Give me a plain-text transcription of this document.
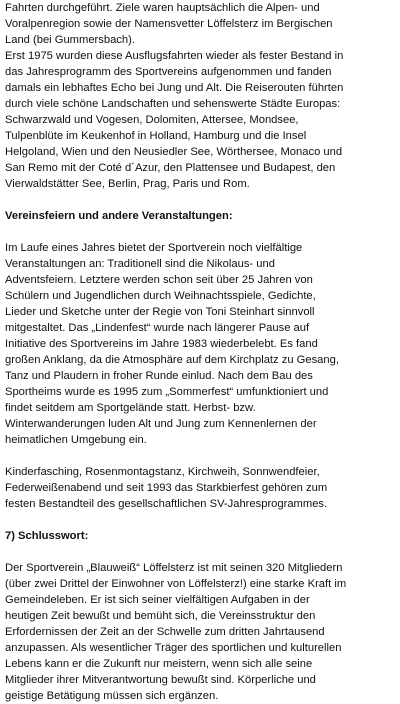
Fahrten durchgeführt. Ziele waren hauptsächlich die Alpen- und
Voralpenregion sowie der Namensvetter Löffelsterz im Bergischen
Land (bei Gummersbach).
Erst 1975 wurden diese Ausflugsfahrten wieder als fester Bestand in
das Jahresprogramm des Sportvereins aufgenommen und fanden
damals ein lebhaftes Echo bei Jung und Alt. Die Reiserouten führten
durch viele schöne Landschaften und sehenswerte Städte Europas:
Schwarzwald und Vogesen, Dolomiten, Attersee, Mondsee,
Tulpenblüte im Keukenhof in Holland, Hamburg und die Insel
Helgoland, Wien und den Neusiedler See, Wörthersee, Monaco und
San Remo mit der Coté d´Azur, den Plattensee und Budapest, den
Vierwaldstätter See, Berlin, Prag, Paris und Rom.
Vereinsfeiern und andere Veranstaltungen:
Im Laufe eines Jahres bietet der Sportverein noch vielfältige
Veranstaltungen an: Traditionell sind die Nikolaus- und
Adventsfeiern. Letztere werden schon seit über 25 Jahren von
Schülern und Jugendlichen durch Weihnachtsspiele, Gedichte,
Lieder und Sketche unter der Regie von Toni Steinhart sinnvoll
mitgestaltet. Das „Lindenfest“ wurde nach längerer Pause auf
Initiative des Sportvereins im Jahre 1983 wiederbelebt. Es fand
großen Anklang, da die Atmosphäre auf dem Kirchplatz zu Gesang,
Tanz und Plaudern in froher Runde einlud. Nach dem Bau des
Sportheims wurde es 1995 zum „Sommerfest“ umfunktioniert und
findet seitdem am Sportgelände statt. Herbst- bzw.
Winterwanderungen luden Alt und Jung zum Kennenlernen der
heimatlichen Umgebung ein.
Kinderfasching, Rosenmontagstanz, Kirchweih, Sonnwendfeier,
Federweißenabend und seit 1993 das Starkbierfest gehören zum
festen Bestandteil des gesellschaftlichen SV-Jahresprogrammes.
7) Schlusswort:
Der Sportverein „Blauweiß“ Löffelsterz ist mit seinen 320 Mitgliedern
(über zwei Drittel der Einwohner von Löffelsterz!) eine starke Kraft im
Gemeindeleben. Er ist sich seiner vielfältigen Aufgaben in der
heutigen Zeit bewußt und bemüht sich, die Vereinsstruktur den
Erfordernissen der Zeit an der Schwelle zum dritten Jahrtausend
anzupassen. Als wesentlicher Träger des sportlichen und kulturellen
Lebens kann er die Zukunft nur meistern, wenn sich alle seine
Mitglieder ihrer Mitverantwortung bewußt sind. Körperliche und
geistige Betätigung müssen sich ergänzen.
